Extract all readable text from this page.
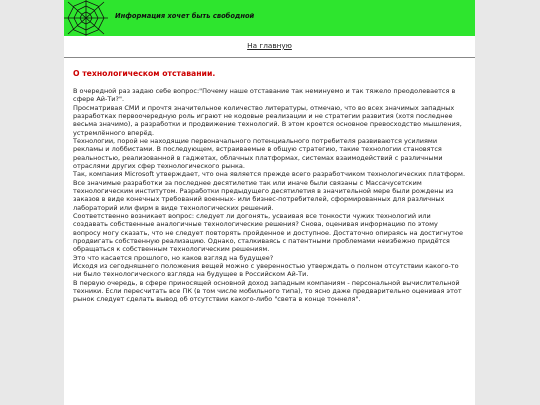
Информация хочет быть свободной
На главную
О технологическом отставании.

В очередной раз задаю себе вопрос:"Почему наше отставание так неминуемо и так тяжело преодолевается в сфере Ай-Ти?".

Просматривая СМИ и прочтя значительное количество литературы, отмечаю, что во всех значимых западных разработках первоочередную роль играют не кодовые реализации и не стратегии развития (хотя последнее весьма значимо), а разработки и продвижение технологий. В этом кроется основное превосходство мышления, устремлённого вперёд.

Технологии, порой не находящие первоначального потенциального потребителя развиваются усилиями рекламы и лоббистами. В последующем, встраиваемые в общую стратегию, такие технологии становятся реальностью, реализованной в гаджетах, облачных платформах, системах взаимодействий с различными отраслями других сфер технологического рынка.

Так, компания Microsoft утверждает, что она является прежде всего разработчиком технологических платформ. Все значимые разработки за последнее десятилетие так или иначе были связаны с Массачусетским технологическим институтом. Разработки предыдущего десятилетия в значительной мере были рождены из заказов в виде конечных требований военных- или бизнес-потребителей, сформированных для различных лабораторий или фирм в виде технологических решений.

Соответственно возникает вопрос: следует ли догонять, усваивая все тонкости чужих технологий или создавать собственные аналогичные технологические решения? Снова, оценивая информацию по этому вопросу могу сказать, что не следует повторять пройденное и доступное. Достаточно опираясь на достигнутое продвигать собственную реализацию. Однако, сталкиваясь с патентными проблемами неизбежно придётся обращаться к собственным технологическим решениям.

Это что касается прошлого, но каков взгляд на будущее?

Исходя из сегодняшнего положения вещей можно с уверенностью утверждать о полном отсутствии какого-то ни было технологического взгляда на будущее в Российском Ай-Ти.

В первую очередь, в сфере приносящей основной доход западным компаниям - персональной вычислительной техники. Если пересчитать все ПК (в том числе мобильного типа), то ясно даже предварительно оценивая этот рынок следует сделать вывод об отсутствии какого-либо "света в конце тоннеля".
